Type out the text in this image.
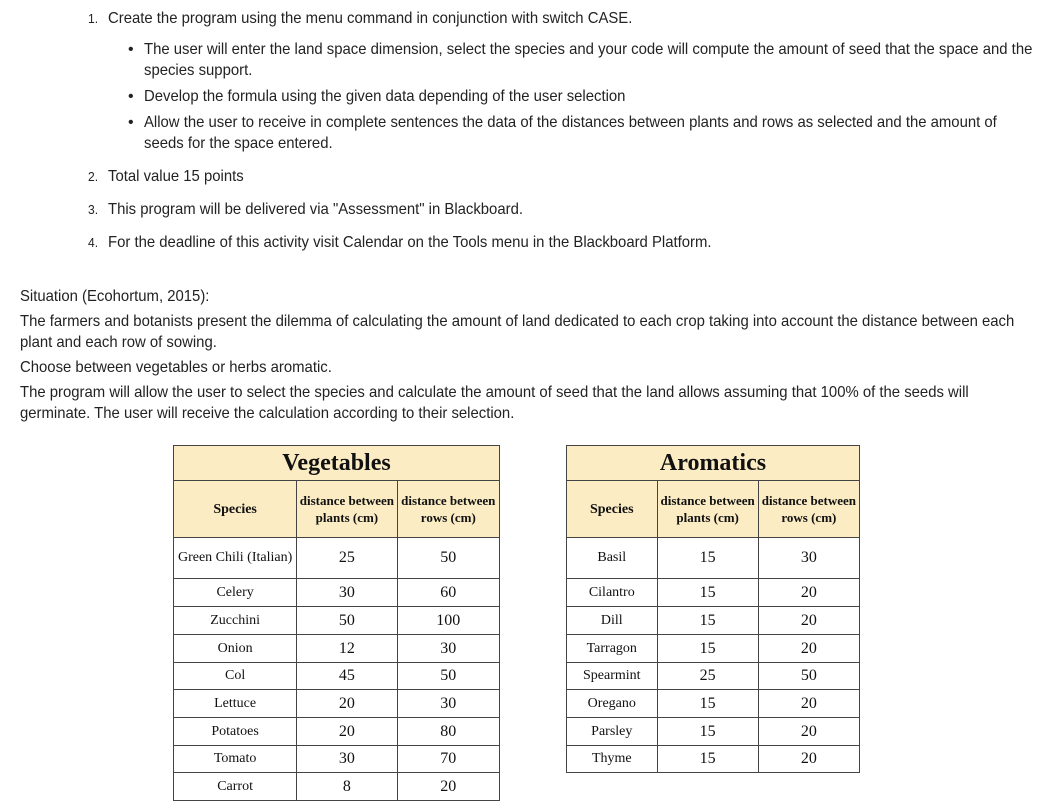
1. Create the program using the menu command in conjunction with switch CASE.
• The user will enter the land space dimension, select the species and your code will compute the amount of seed that the space and the species support.
• Develop the formula using the given data depending of the user selection
• Allow the user to receive in complete sentences the data of the distances between plants and rows as selected and the amount of seeds for the space entered.
2. Total value 15 points
3. This program will be delivered via "Assessment" in Blackboard.
4. For the deadline of this activity visit Calendar on the Tools menu in the Blackboard Platform.

Situation (Ecohortum, 2015):

The farmers and botanists present the dilemma of calculating the amount of land dedicated to each crop taking into account the distance between each plant and each row of sowing.

Choose between vegetables or herbs aromatic.

The program will allow the user to select the species and calculate the amount of seed that the land allows assuming that 100% of the seeds will germinate. The user will receive the calculation according to their selection.

Vegetables		
Species	distance between plants (cm)	distance between rows (cm)
Green Chili (Italian)	25	50
Celery	30	60
Zucchini	50	100
Onion	12	30
Col	45	50
Lettuce	20	30
Potatoes	20	80
Tomato	30	70
Carrot	8	20
Aromatics		
Species	distance between plants (cm)	distance between rows (cm)
Basil	15	30
Cilantro	15	20
Dill	15	20
Tarragon	15	20
Spearmint	25	50
Oregano	15	20
Parsley	15	20
Thyme	15	20
